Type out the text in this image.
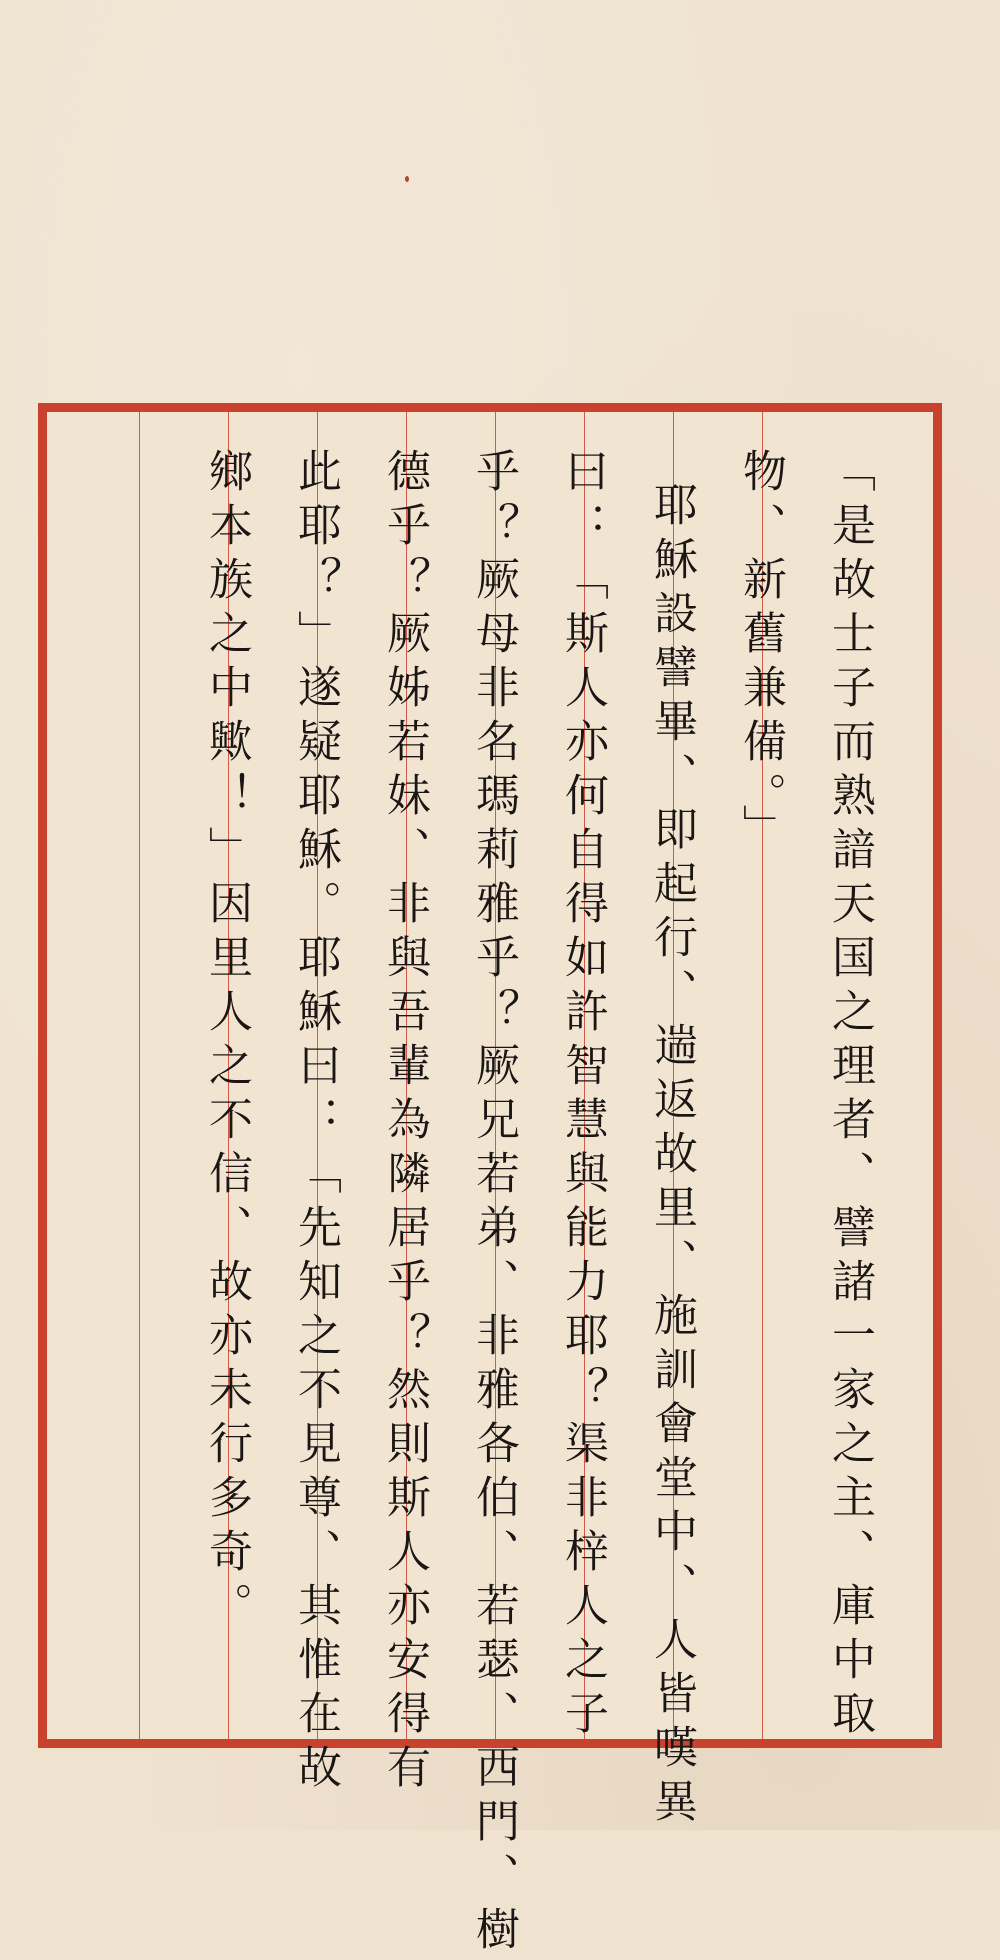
﹁是故士子而熟諳天国之理者、譬諸一家之主、庫中取
物、新舊兼備。﹂
耶穌設譬畢、即起行、遄返故里、施訓會堂中、人皆嘆異
曰：﹁斯人亦何自得如許智慧與能力耶？渠非梓人之子
乎？厥母非名瑪莉雅乎？厥兄若弟、非雅各伯、若瑟、西門、樹
德乎？厥姊若妹、非與吾輩為隣居乎？然則斯人亦安得有
此耶？﹂遂疑耶穌。耶穌曰：﹁先知之不見尊、其惟在故
鄉本族之中歟！﹂因里人之不信、故亦未行多奇。
